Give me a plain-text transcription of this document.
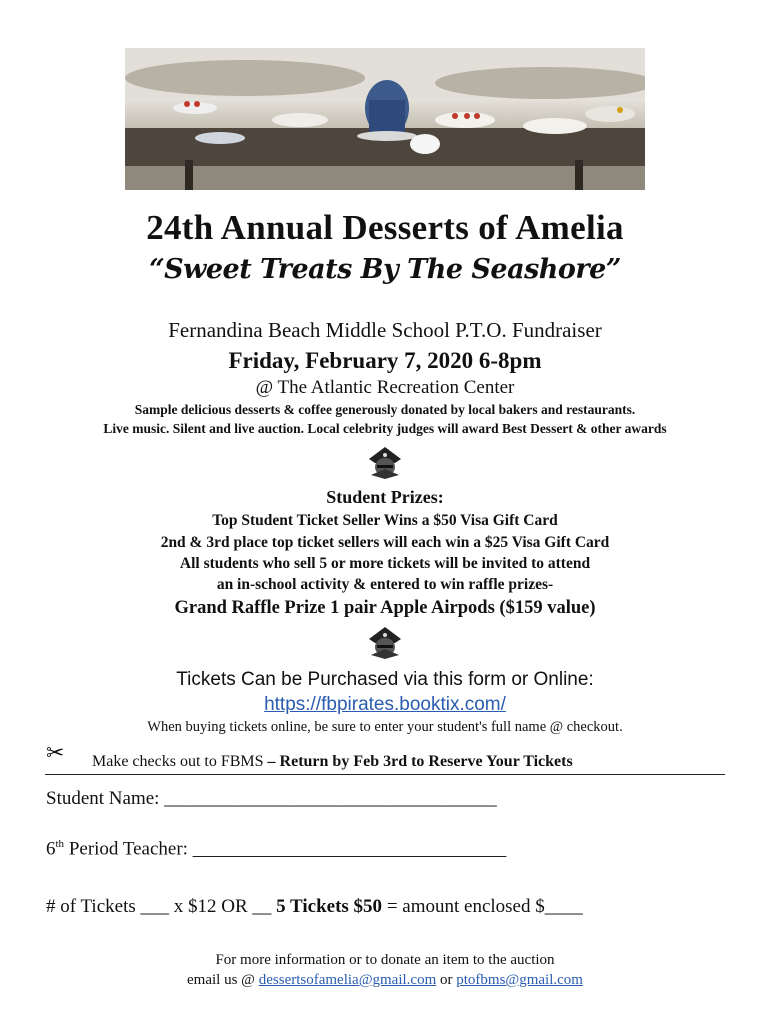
24th Annual Desserts of Amelia
“Sweet Treats By The Seashore”
Fernandina Beach Middle School P.T.O. Fundraiser
Friday, February 7, 2020 6-8pm
@ The Atlantic Recreation Center
Sample delicious desserts & coffee generously donated by local bakers and restaurants.
Live music. Silent and live auction. Local celebrity judges will award Best Dessert & other awards
Student Prizes:
Top Student Ticket Seller Wins a $50 Visa Gift Card
2nd & 3rd place top ticket sellers will each win a $25 Visa Gift Card
All students who sell 5 or more tickets will be invited to attend
an in-school activity & entered to win raffle prizes-
Grand Raffle Prize 1 pair Apple Airpods ($159 value)
Tickets Can be Purchased via this form or Online:
https://fbpirates.booktix.com/
When buying tickets online, be sure to enter your student's full name @ checkout.
✂ Make checks out to FBMS – Return by Feb 3rd to Reserve Your Tickets
Student Name: ___________________________________
6th Period Teacher: _________________________________
# of Tickets ___ x $12 OR __ 5 Tickets $50 = amount enclosed $____
For more information or to donate an item to the auction
email us @ dessertsofamelia@gmail.com or ptofbms@gmail.com
